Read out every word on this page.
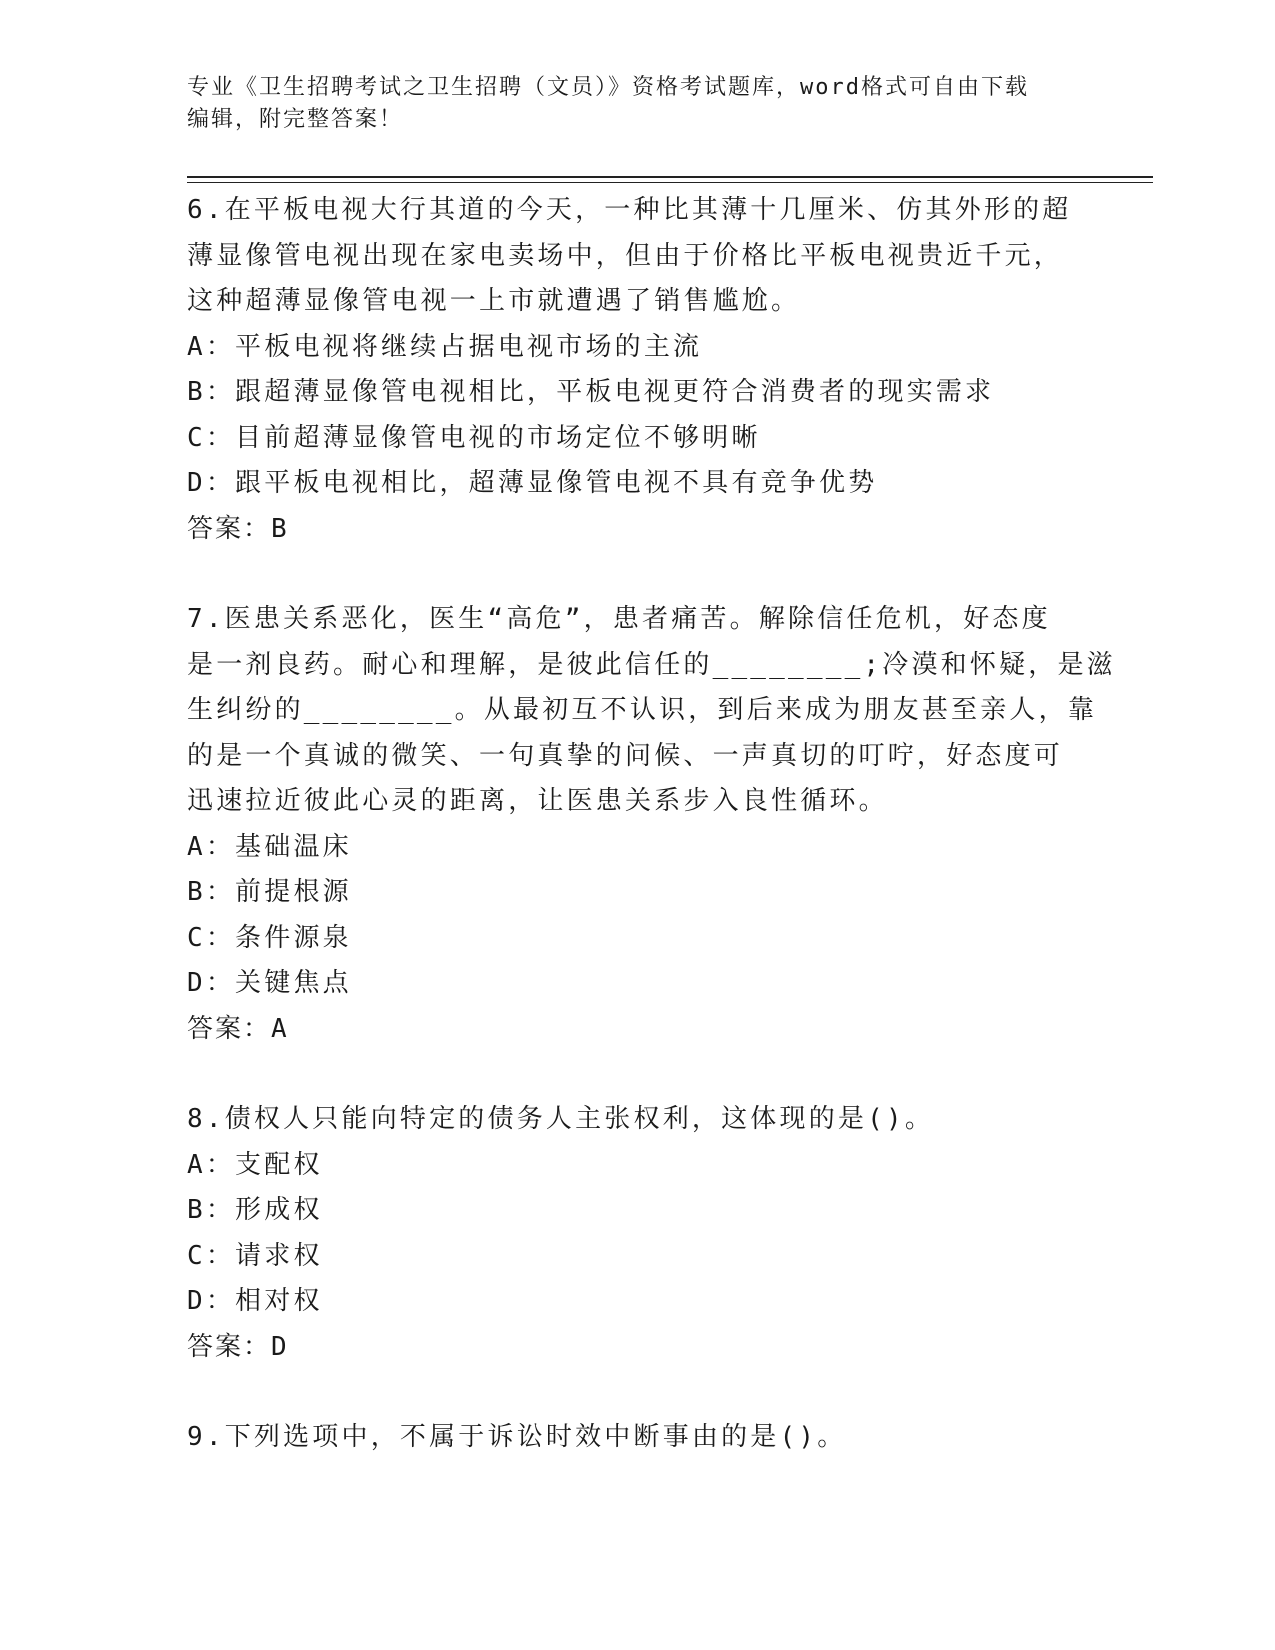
专业《卫生招聘考试之卫生招聘（文员）》资格考试题库，word格式可自由下载
编辑，附完整答案！
6.在平板电视大行其道的今天，一种比其薄十几厘米、仿其外形的超
薄显像管电视出现在家电卖场中，但由于价格比平板电视贵近千元，
这种超薄显像管电视一上市就遭遇了销售尴尬。
A：平板电视将继续占据电视市场的主流
B：跟超薄显像管电视相比，平板电视更符合消费者的现实需求
C：目前超薄显像管电视的市场定位不够明晰
D：跟平板电视相比，超薄显像管电视不具有竞争优势
答案：B
7.医患关系恶化，医生“高危”，患者痛苦。解除信任危机，好态度
是一剂良药。耐心和理解，是彼此信任的________;冷漠和怀疑，是滋
生纠纷的________。从最初互不认识，到后来成为朋友甚至亲人，靠
的是一个真诚的微笑、一句真挚的问候、一声真切的叮咛，好态度可
迅速拉近彼此心灵的距离，让医患关系步入良性循环。
A：基础温床
B：前提根源
C：条件源泉
D：关键焦点
答案：A
8.债权人只能向特定的债务人主张权利，这体现的是()。
A：支配权
B：形成权
C：请求权
D：相对权
答案：D
9.下列选项中，不属于诉讼时效中断事由的是()。
